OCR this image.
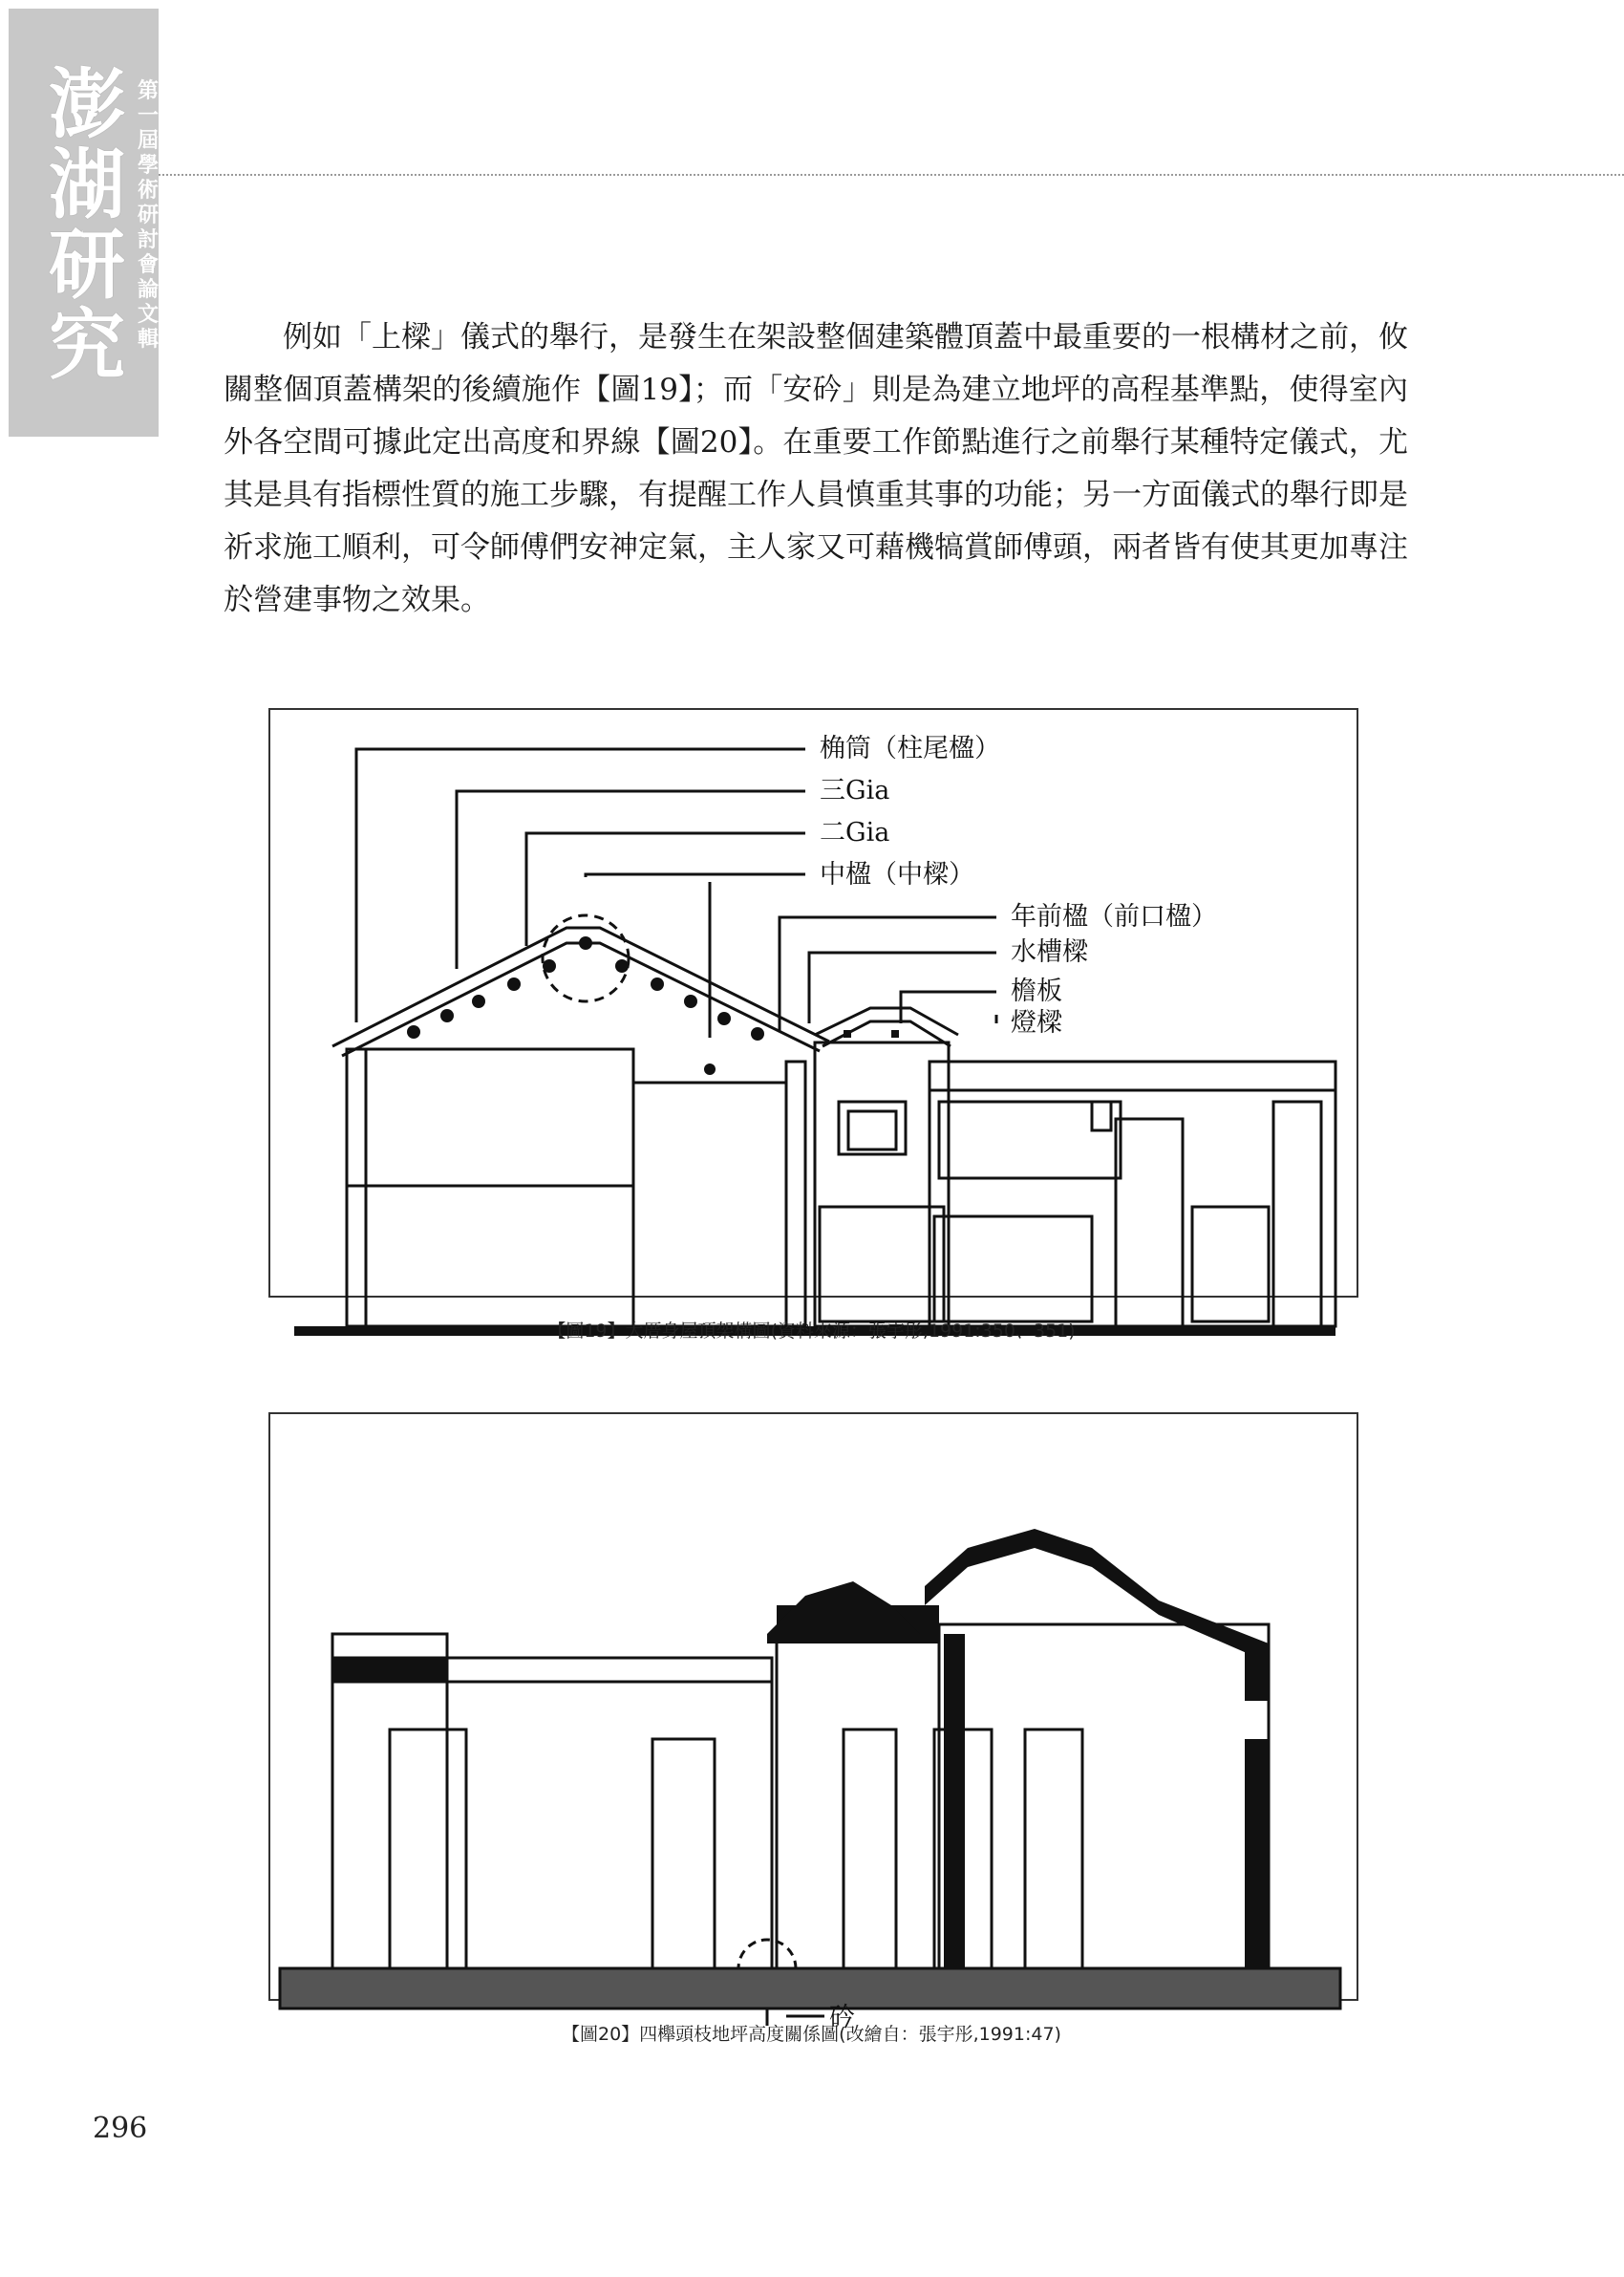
澎
湖
研
究
第
一
屆
學
術
研
討
會
論
文
輯	例如「上樑」儀式的舉行，是發生在架設整個建築體頂蓋中最重要的一根構材之前，攸關整個頂蓋構架的後續施作【圖19】；而「安砛」則是為建立地坪的高程基準點，使得室內外各空間可據此定出高度和界線【圖20】。在重要工作節點進行之前舉行某種特定儀式，尤其是具有指標性質的施工步驟，有提醒工作人員慎重其事的功能；另一方面儀式的舉行即是祈求施工順利，可令師傅們安神定氣，主人家又可藉機犒賞師傅頭，兩者皆有使其更加專注於營建事物之效果。

桷筒（柱尾楹）
三Gia
二Gia
中楹（中樑）
年前楹（前口楹）
水槽樑
檐板
燈樑
【圖19】大厝身屋頂架構圖(資料來源：張宇彤,1991:350、351)
砛
【圖20】四櫸頭枝地坪高度關係圖(改繪自：張宇彤,1991:47)
296
